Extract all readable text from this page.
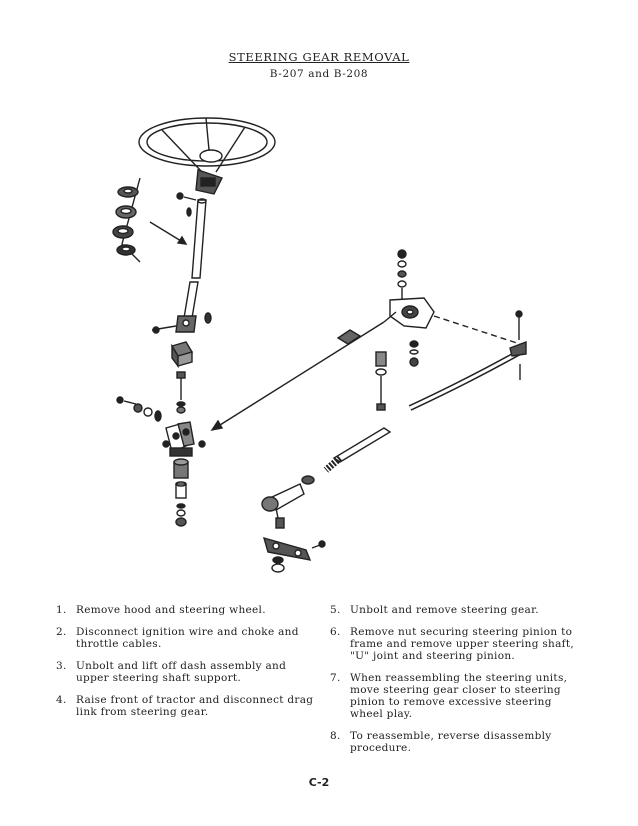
STEERING GEAR REMOVAL
B-207 and B-208
1. Remove hood and steering wheel.
2. Disconnect ignition wire and choke and throttle cables.
3. Unbolt and lift off dash assembly and upper steering shaft support.
4. Raise front of tractor and disconnect drag link from steering gear.
5. Unbolt and remove steering gear.
6. Remove nut securing steering pinion to frame and remove upper steering shaft, "U" joint and steering pinion.
7. When reassembling the steering units, move steering gear closer to steering pinion to remove excessive steering wheel play.
8. To reassemble, reverse disassembly procedure.
C-2
